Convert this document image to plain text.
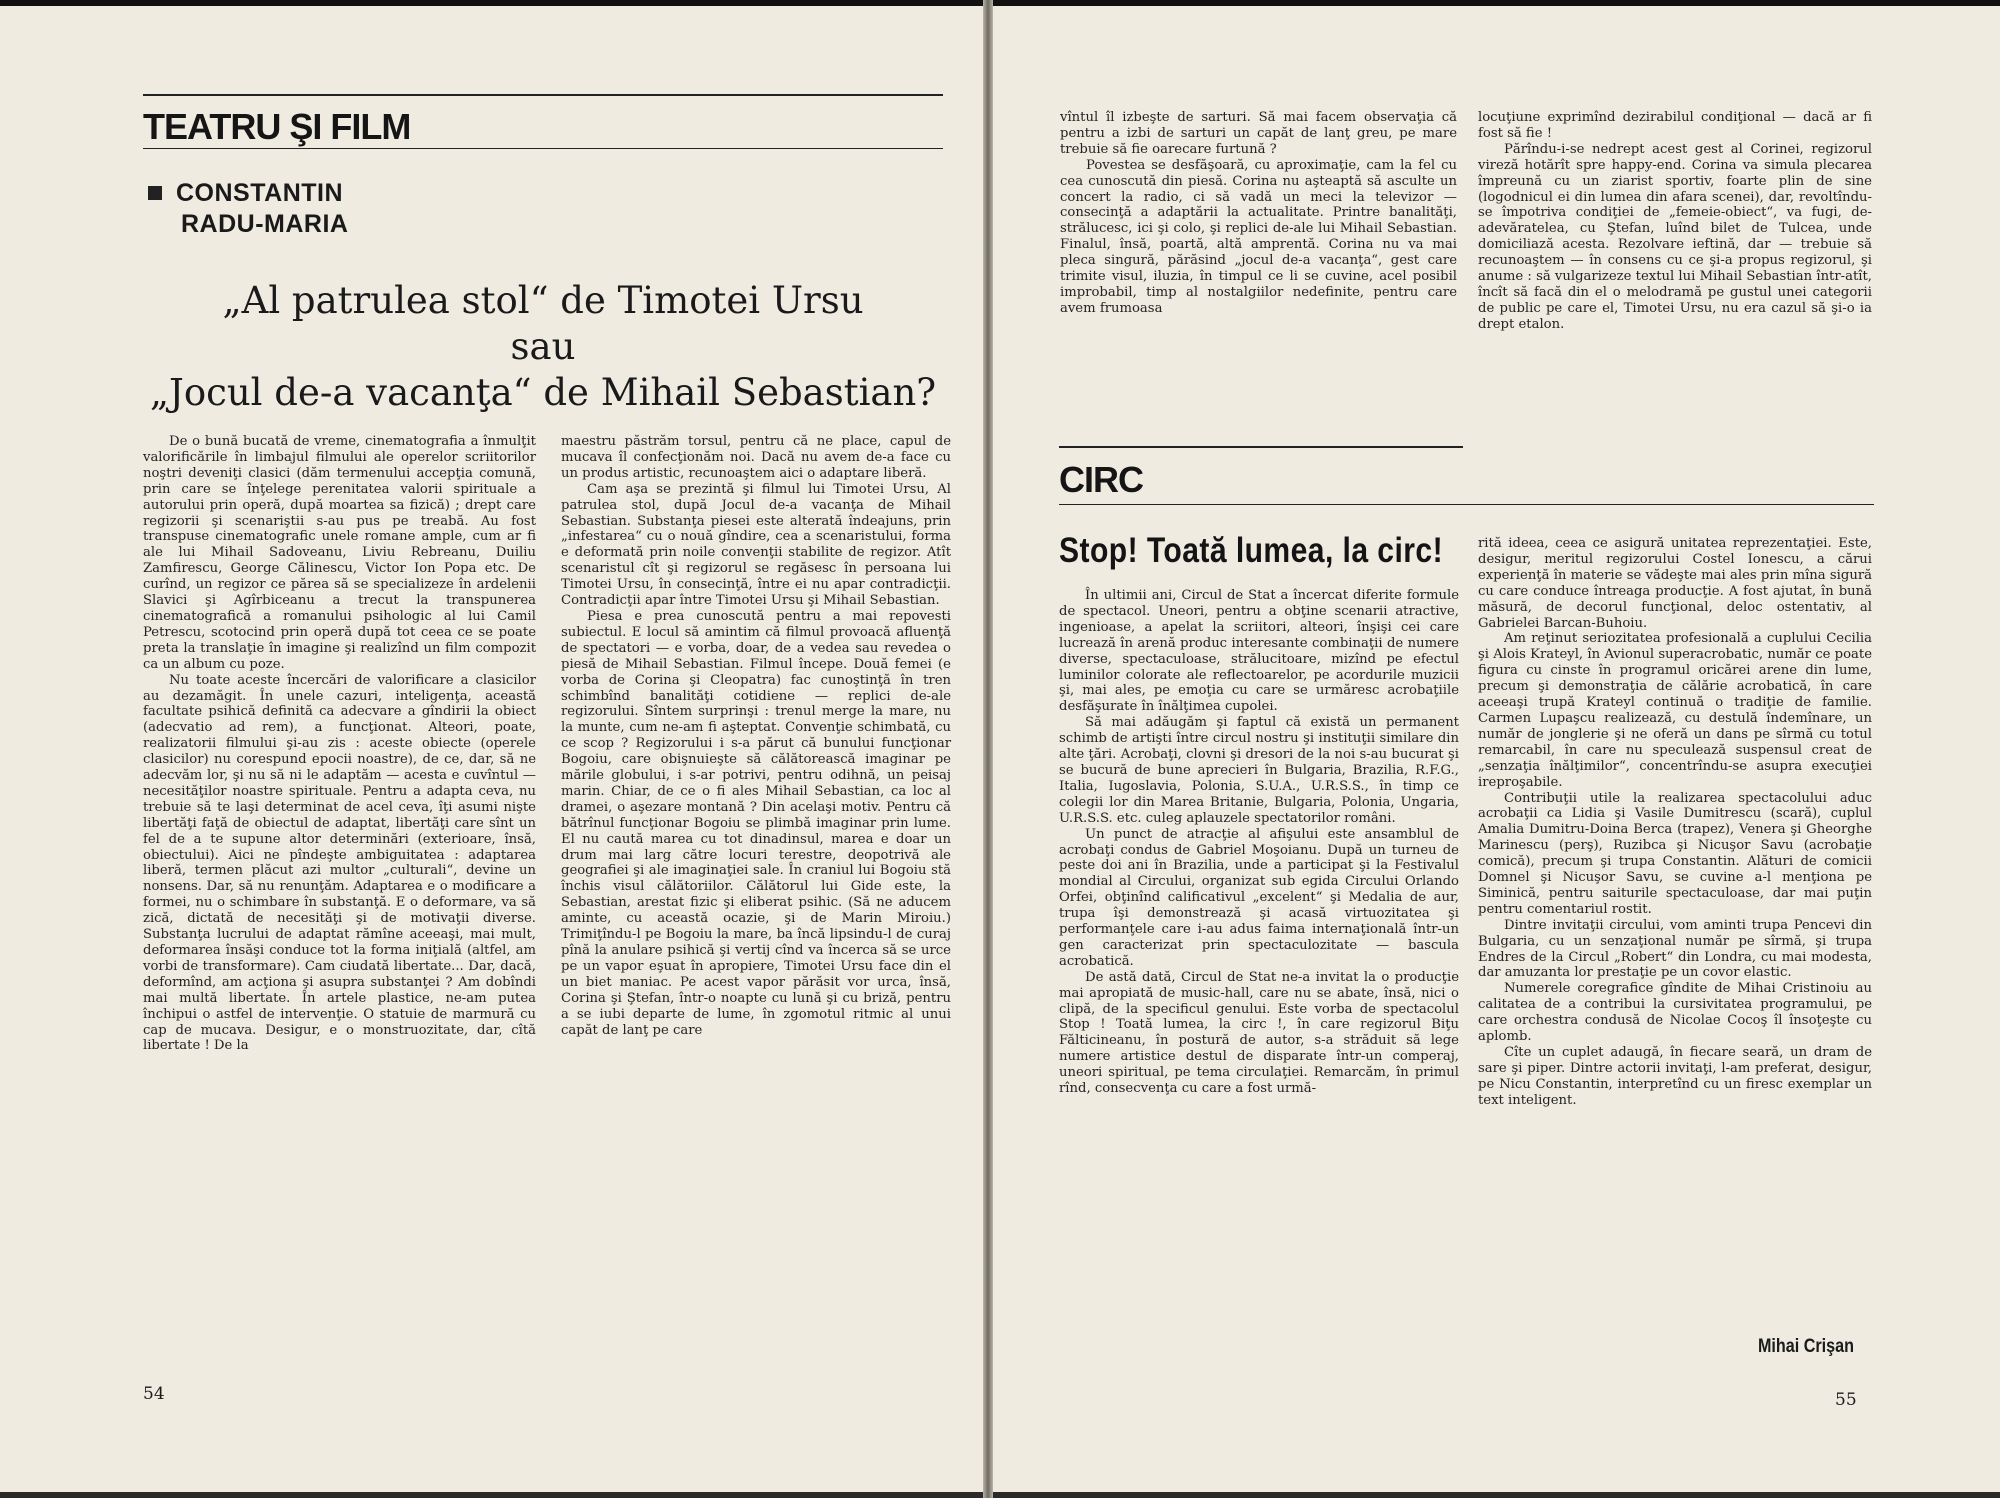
TEATRU ŞI FILM
CONSTANTIN
RADU-MARIA
„Al patrulea stol“ de Timotei Ursu
sau
„Jocul de-a vacanţa“ de Mihail Sebastian?

De o bună bucată de vreme, cinematografia a înmulţit valorificările în limbajul filmului ale operelor scriitorilor noştri deveniţi clasici (dăm termenului accepţia comună, prin care se înţelege perenitatea valorii spirituale a autorului prin operă, după moartea sa fizică) ; drept care regizorii şi scenariştii s-au pus pe treabă. Au fost transpuse cinematografic unele romane ample, cum ar fi ale lui Mihail Sadoveanu, Liviu Rebreanu, Duiliu Zamfirescu, George Călinescu, Victor Ion Popa etc. De curînd, un regizor ce părea să se specializeze în ardelenii Slavici şi Agîrbiceanu a trecut la transpunerea cinematografică a romanului psihologic al lui Camil Petrescu, scotocind prin operă după tot ceea ce se poate preta la translaţie în imagine şi realizînd un film compozit ca un album cu poze.

Nu toate aceste încercări de valorificare a clasicilor au dezamăgit. În unele cazuri, inteligenţa, această facultate psihică definită ca adecvare a gîndirii la obiect (adecvatio ad rem), a funcţionat. Alteori, poate, realizatorii filmului şi-au zis : aceste obiecte (operele clasicilor) nu corespund epocii noastre), de ce, dar, să ne adecvăm lor, şi nu să ni le adaptăm — acesta e cuvîntul — necesităţilor noastre spirituale. Pentru a adapta ceva, nu trebuie să te laşi determinat de acel ceva, îţi asumi nişte libertăţi faţă de obiectul de adaptat, libertăţi care sînt un fel de a te supune altor determinări (exterioare, însă, obiectului). Aici ne pîndeşte ambiguitatea : adaptarea liberă, termen plăcut azi multor „culturali“, devine un nonsens. Dar, să nu renunţăm. Adaptarea e o modificare a formei, nu o schimbare în substanţă. E o deformare, va să zică, dictată de necesităţi şi de motivaţii diverse. Substanţa lucrului de adaptat rămîne aceeaşi, mai mult, deformarea însăşi conduce tot la forma iniţială (altfel, am vorbi de transformare). Cam ciudată libertate... Dar, dacă, deformînd, am acţiona şi asupra substanţei ? Am dobîndi mai multă libertate. În artele plastice, ne-am putea închipui o astfel de intervenţie. O statuie de marmură cu cap de mucava. Desigur, e o monstruozitate, dar, cîtă libertate ! De la

maestru păstrăm torsul, pentru că ne place, capul de mucava îl confecţionăm noi. Dacă nu avem de-a face cu un produs artistic, recunoaştem aici o adaptare liberă.

Cam aşa se prezintă şi filmul lui Timotei Ursu, Al patrulea stol, după Jocul de-a vacanţa de Mihail Sebastian. Substanţa piesei este alterată îndeajuns, prin „infestarea“ cu o nouă gîndire, cea a scenaristului, forma e deformată prin noile convenţii stabilite de regizor. Atît scenaristul cît şi regizorul se regăsesc în persoana lui Timotei Ursu, în consecinţă, între ei nu apar contradicţii. Contradicţii apar între Timotei Ursu şi Mihail Sebastian.

Piesa e prea cunoscută pentru a mai repovesti subiectul. E locul să amintim că filmul provoacă afluenţă de spectatori — e vorba, doar, de a vedea sau revedea o piesă de Mihail Sebastian. Filmul începe. Două femei (e vorba de Corina şi Cleopatra) fac cunoştinţă în tren schimbînd banalităţi cotidiene — replici de-ale regizorului. Sîntem surprinşi : trenul merge la mare, nu la munte, cum ne-am fi aşteptat. Convenţie schimbată, cu ce scop ? Regizorului i s-a părut că bunului funcţionar Bogoiu, care obişnuieşte să călătorească imaginar pe mările globului, i s-ar potrivi, pentru odihnă, un peisaj marin. Chiar, de ce o fi ales Mihail Sebastian, ca loc al dramei, o aşezare montană ? Din acelaşi motiv. Pentru că bătrînul funcţionar Bogoiu se plimbă imaginar prin lume. El nu caută marea cu tot dinadinsul, marea e doar un drum mai larg către locuri terestre, deopotrivă ale geografiei şi ale imaginaţiei sale. În craniul lui Bogoiu stă închis visul călătoriilor. Călătorul lui Gide este, la Sebastian, arestat fizic şi eliberat psihic. (Să ne aducem aminte, cu această ocazie, şi de Marin Miroiu.) Trimiţîndu-l pe Bogoiu la mare, ba încă lipsindu-l de curaj pînă la anulare psihică şi vertij cînd va încerca să se urce pe un vapor eşuat în apropiere, Timotei Ursu face din el un biet maniac. Pe acest vapor părăsit vor urca, însă, Corina şi Ştefan, într-o noapte cu lună şi cu briză, pentru a se iubi departe de lume, în zgomotul ritmic al unui capăt de lanţ pe care

54

vîntul îl izbeşte de sarturi. Să mai facem observaţia că pentru a izbi de sarturi un capăt de lanţ greu, pe mare trebuie să fie oarecare furtună ?

Povestea se desfăşoară, cu aproximaţie, cam la fel cu cea cunoscută din piesă. Corina nu aşteaptă să asculte un concert la radio, ci să vadă un meci la televizor — consecinţă a adaptării la actualitate. Printre banalităţi, strălucesc, ici şi colo, şi replici de-ale lui Mihail Sebastian. Finalul, însă, poartă, altă amprentă. Corina nu va mai pleca singură, părăsind „jocul de-a vacanţa“, gest care trimite visul, iluzia, în timpul ce li se cuvine, acel posibil improbabil, timp al nostalgiilor nedefinite, pentru care avem frumoasa

locuţiune exprimînd dezirabilul condiţional — dacă ar fi fost să fie !

Părîndu-i-se nedrept acest gest al Corinei, regizorul vireză hotărît spre happy-end. Corina va simula plecarea împreună cu un ziarist sportiv, foarte plin de sine (logodnicul ei din lumea din afara scenei), dar, revoltîndu-se împotriva condiţiei de „femeie-obiect“, va fugi, de-adevăratelea, cu Ştefan, luînd bilet de Tulcea, unde domiciliază acesta. Rezolvare ieftină, dar — trebuie să recunoaştem — în consens cu ce şi-a propus regizorul, şi anume : să vulgarizeze textul lui Mihail Sebastian într-atît, încît să facă din el o melodramă pe gustul unei categorii de public pe care el, Timotei Ursu, nu era cazul să şi-o ia drept etalon.

CIRC
Stop! Toată lumea, la circ!

În ultimii ani, Circul de Stat a încercat diferite formule de spectacol. Uneori, pentru a obţine scenarii atractive, ingenioase, a apelat la scriitori, alteori, înşişi cei care lucrează în arenă produc interesante combinaţii de numere diverse, spectaculoase, strălucitoare, mizînd pe efectul luminilor colorate ale reflectoarelor, pe acordurile muzicii şi, mai ales, pe emoţia cu care se urmăresc acrobaţiile desfăşurate în înălţimea cupolei.

Să mai adăugăm şi faptul că există un permanent schimb de artişti între circul nostru şi instituţii similare din alte ţări. Acrobaţi, clovni şi dresori de la noi s-au bucurat şi se bucură de bune aprecieri în Bulgaria, Brazilia, R.F.G., Italia, Iugoslavia, Polonia, S.U.A., U.R.S.S., în timp ce colegii lor din Marea Britanie, Bulgaria, Polonia, Ungaria, U.R.S.S. etc. culeg aplauzele spectatorilor români.

Un punct de atracţie al afişului este ansamblul de acrobaţi condus de Gabriel Moşoianu. După un turneu de peste doi ani în Brazilia, unde a participat şi la Festivalul mondial al Circului, organizat sub egida Circului Orlando Orfei, obţinînd calificativul „excelent“ şi Medalia de aur, trupa îşi demonstrează şi acasă virtuozitatea şi performanţele care i-au adus faima internaţională într-un gen caracterizat prin spectaculozitate — bascula acrobatică.

De astă dată, Circul de Stat ne-a invitat la o producţie mai apropiată de music-hall, care nu se abate, însă, nici o clipă, de la specificul genului. Este vorba de spectacolul Stop ! Toată lumea, la circ !, în care regizorul Biţu Fălticineanu, în postură de autor, s-a străduit să lege numere artistice destul de disparate într-un comperaj, uneori spiritual, pe tema circulaţiei. Remarcăm, în primul rînd, consecvenţa cu care a fost urmă-

rită ideea, ceea ce asigură unitatea reprezentaţiei. Este, desigur, meritul regizorului Costel Ionescu, a cărui experienţă în materie se vădeşte mai ales prin mîna sigură cu care conduce întreaga producţie. A fost ajutat, în bună măsură, de decorul funcţional, deloc ostentativ, al Gabrielei Barcan-Buhoiu.

Am reţinut seriozitatea profesională a cuplului Cecilia şi Alois Krateyl, în Avionul superacrobatic, număr ce poate figura cu cinste în programul oricărei arene din lume, precum şi demonstraţia de călărie acrobatică, în care aceeaşi trupă Krateyl continuă o tradiţie de familie. Carmen Lupaşcu realizează, cu destulă îndemînare, un număr de jonglerie şi ne oferă un dans pe sîrmă cu totul remarcabil, în care nu speculează suspensul creat de „senzaţia înălţimilor“, concentrîndu-se asupra execuţiei ireproşabile.

Contribuţii utile la realizarea spectacolului aduc acrobaţii ca Lidia şi Vasile Dumitrescu (scară), cuplul Amalia Dumitru-Doina Berca (trapez), Venera şi Gheorghe Marinescu (perş), Ruzibca şi Nicuşor Savu (acrobaţie comică), precum şi trupa Constantin. Alături de comicii Domnel şi Nicuşor Savu, se cuvine a-l menţiona pe Siminică, pentru saiturile spectaculoase, dar mai puţin pentru comentariul rostit.

Dintre invitaţii circului, vom aminti trupa Pencevi din Bulgaria, cu un senzaţional număr pe sîrmă, şi trupa Endres de la Circul „Robert“ din Londra, cu mai modesta, dar amuzanta lor prestaţie pe un covor elastic.

Numerele coregrafice gîndite de Mihai Cristinoiu au calitatea de a contribui la cursivitatea programului, pe care orchestra condusă de Nicolae Cocoş îl însoţeşte cu aplomb.

Cîte un cuplet adaugă, în fiecare seară, un dram de sare şi piper. Dintre actorii invitaţi, l-am preferat, desigur, pe Nicu Constantin, interpretînd cu un firesc exemplar un text inteligent.

Mihai Crişan
55
